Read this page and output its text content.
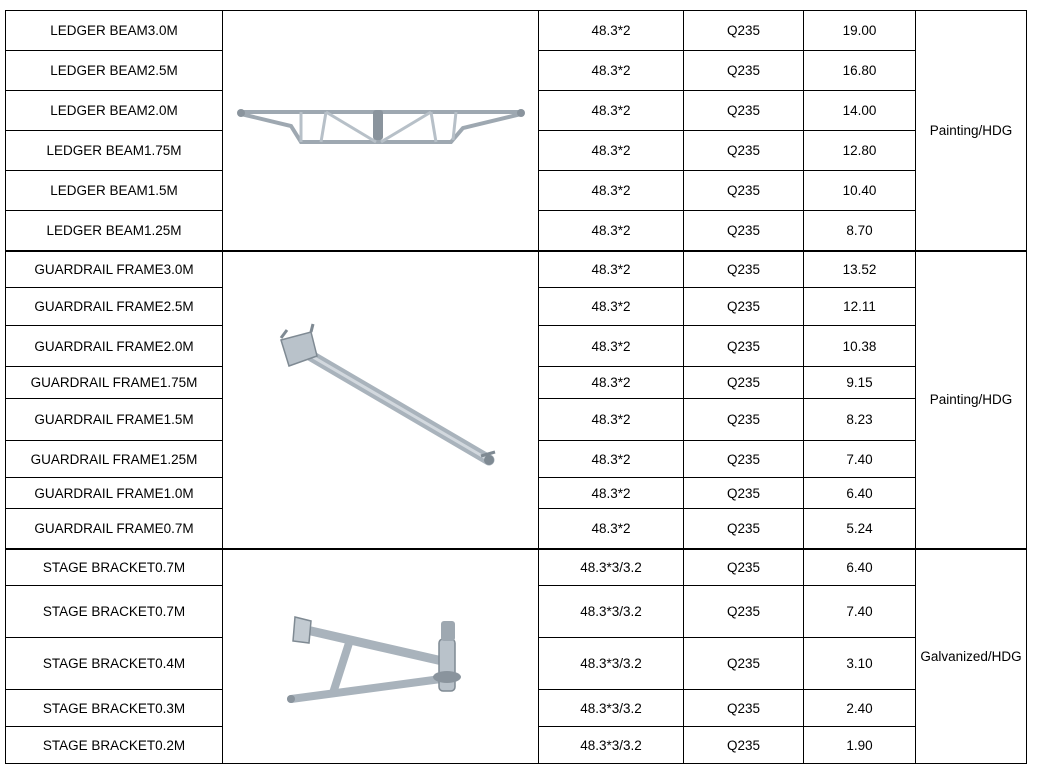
LEDGER BEAM3.0M		48.3*2	Q235	19.00	Painting/HDG
LEDGER BEAM2.5M		48.3*2	Q235	16.80	
LEDGER BEAM2.0M		48.3*2	Q235	14.00	
LEDGER BEAM1.75M		48.3*2	Q235	12.80	
LEDGER BEAM1.5M		48.3*2	Q235	10.40	
LEDGER BEAM1.25M		48.3*2	Q235	8.70	
GUARDRAIL FRAME3.0M		48.3*2	Q235	13.52	Painting/HDG
GUARDRAIL FRAME2.5M		48.3*2	Q235	12.11	
GUARDRAIL FRAME2.0M		48.3*2	Q235	10.38	
GUARDRAIL FRAME1.75M		48.3*2	Q235	9.15	
GUARDRAIL FRAME1.5M		48.3*2	Q235	8.23	
GUARDRAIL FRAME1.25M		48.3*2	Q235	7.40	
GUARDRAIL FRAME1.0M		48.3*2	Q235	6.40	
GUARDRAIL FRAME0.7M		48.3*2	Q235	5.24	
STAGE BRACKET0.7M		48.3*3/3.2	Q235	6.40	Galvanized/HDG
STAGE BRACKET0.7M		48.3*3/3.2	Q235	7.40	
STAGE BRACKET0.4M		48.3*3/3.2	Q235	3.10	
STAGE BRACKET0.3M		48.3*3/3.2	Q235	2.40	
STAGE BRACKET0.2M		48.3*3/3.2	Q235	1.90	
